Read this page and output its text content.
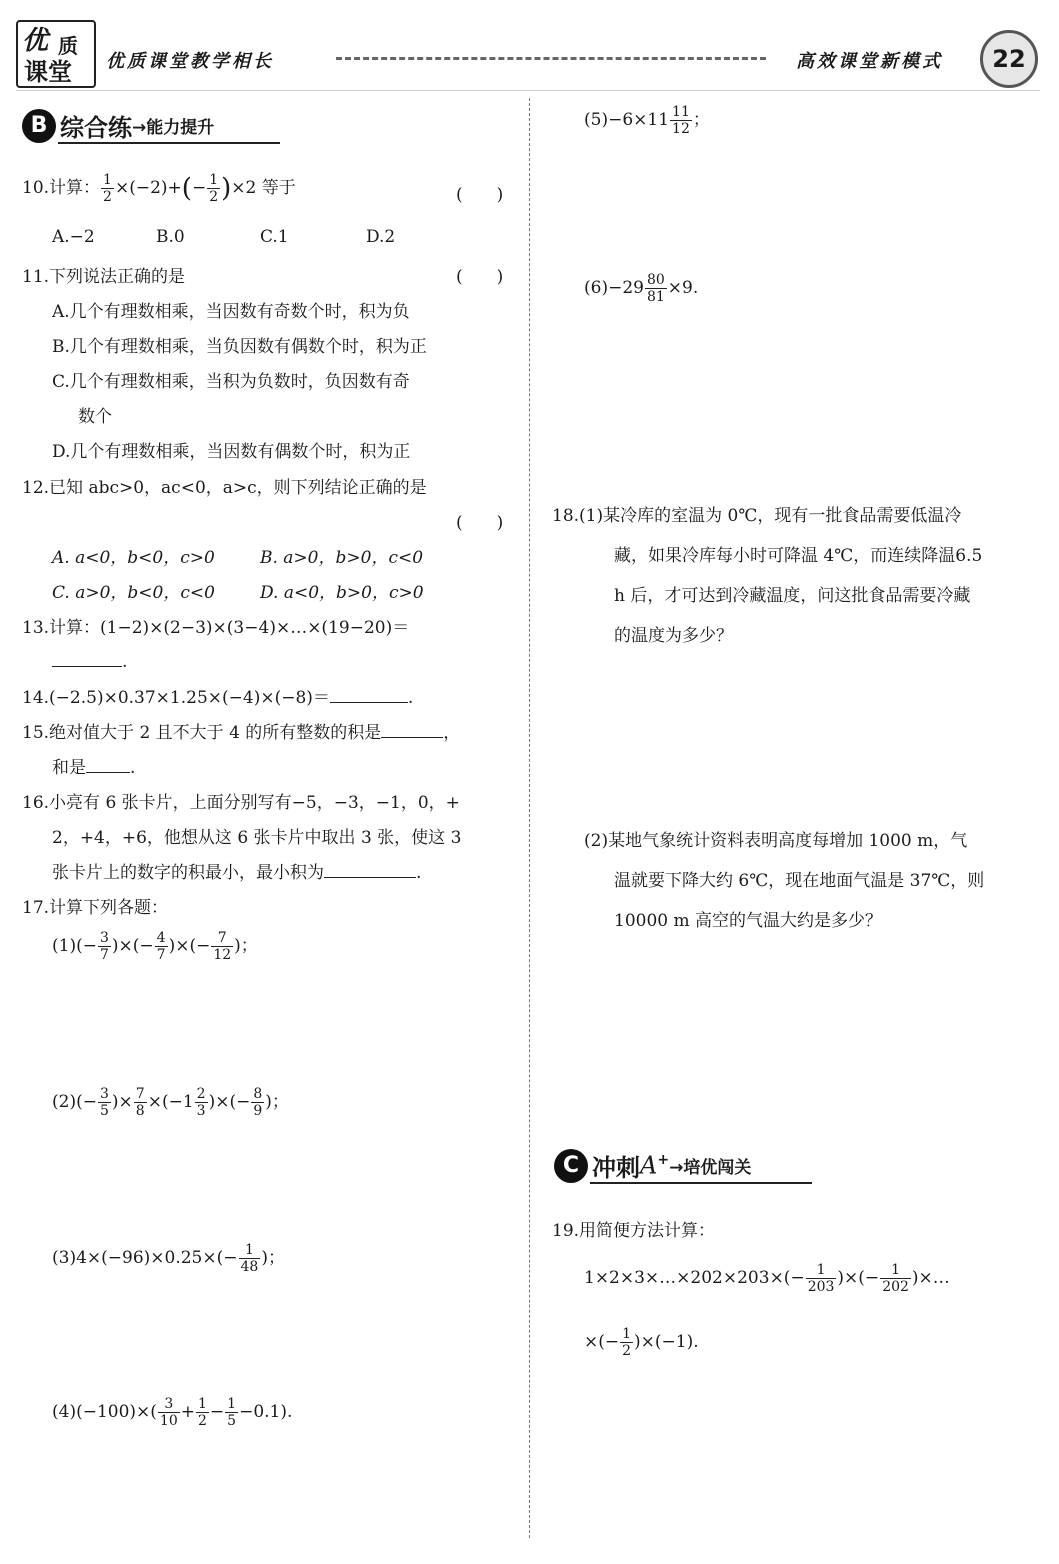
优 质
课堂 优质课堂教学相长	高效课堂新模式	22
B 综合练→能力提升
10.计算： $\frac{1}{2} \times(-2)+(- \frac{1}{2} )\times 2$ 等于	(　　)
A.−2	B.0	C.1	D.2
11.下列说法正确的是	(　　)
A.几个有理数相乘，当因数有奇数个时，积为负
B.几个有理数相乘，当负因数有偶数个时，积为正
C.几个有理数相乘，当积为负数时，负因数有奇
数个
D.几个有理数相乘，当因数有偶数个时，积为正
12.已知 abc>0，ac<0，a>c，则下列结论正确的是
(　　)
A. a<0，b<0，c>0	B. a>0，b>0，c<0
C. a>0，b<0，c<0	D. a<0，b>0，c>0
13.计算：(1−2)×(2−3)×(3−4)×…×(19−20)＝
.
14.(−2.5)×0.37×1.25×(−4)×(−8)＝	.
15.绝对值大于 2 且不大于 4 的所有整数的积是	，
和是	.
16.小亮有 6 张卡片，上面分别写有−5，−3，−1，0，+
2，+4，+6，他想从这 6 张卡片中取出 3 张，使这 3
张卡片上的数字的积最小，最小积为	.
17.计算下列各题：
$(1)(- \frac{3}{7}$ )×(− $\frac{4}{7}$ )×(− $\frac{7}{12}$ )；
$(2)(- \frac{3}{5}$ )× $\frac{7}{8} \times(-1 \frac{2}{3}$ )×(− $\frac{8}{9}$ )；
$(3)4\times(-96)\times 0.25\times(- \frac{1}{48}$ )；
$(4)(-100)\times( \frac{3}{10} + \frac{1}{2} - \frac{1}{5} -0.1)$.
$(5)-6\times 11 \frac{11}{12}$ ；
$(6)-29 \frac{80}{81} \times 9$.
18.(1)某冷库的室温为 0℃，现有一批食品需要低温冷
藏，如果冷库每小时可降温 4℃，而连续降温6.5
h 后，才可达到冷藏温度，问这批食品需要冷藏
的温度为多少？
(2)某地气象统计资料表明高度每增加 1000 m，气
温就要下降大约 6℃，现在地面气温是 37℃，则
10000 m 高空的气温大约是多少？
C 冲刺A+→培优闯关
19.用简便方法计算：
1×2×3×…×202×203×(− $\frac{1}{203}$ )×(− $\frac{1}{202}$ )×…
×(− $\frac{1}{2} )\times(-1)$.
